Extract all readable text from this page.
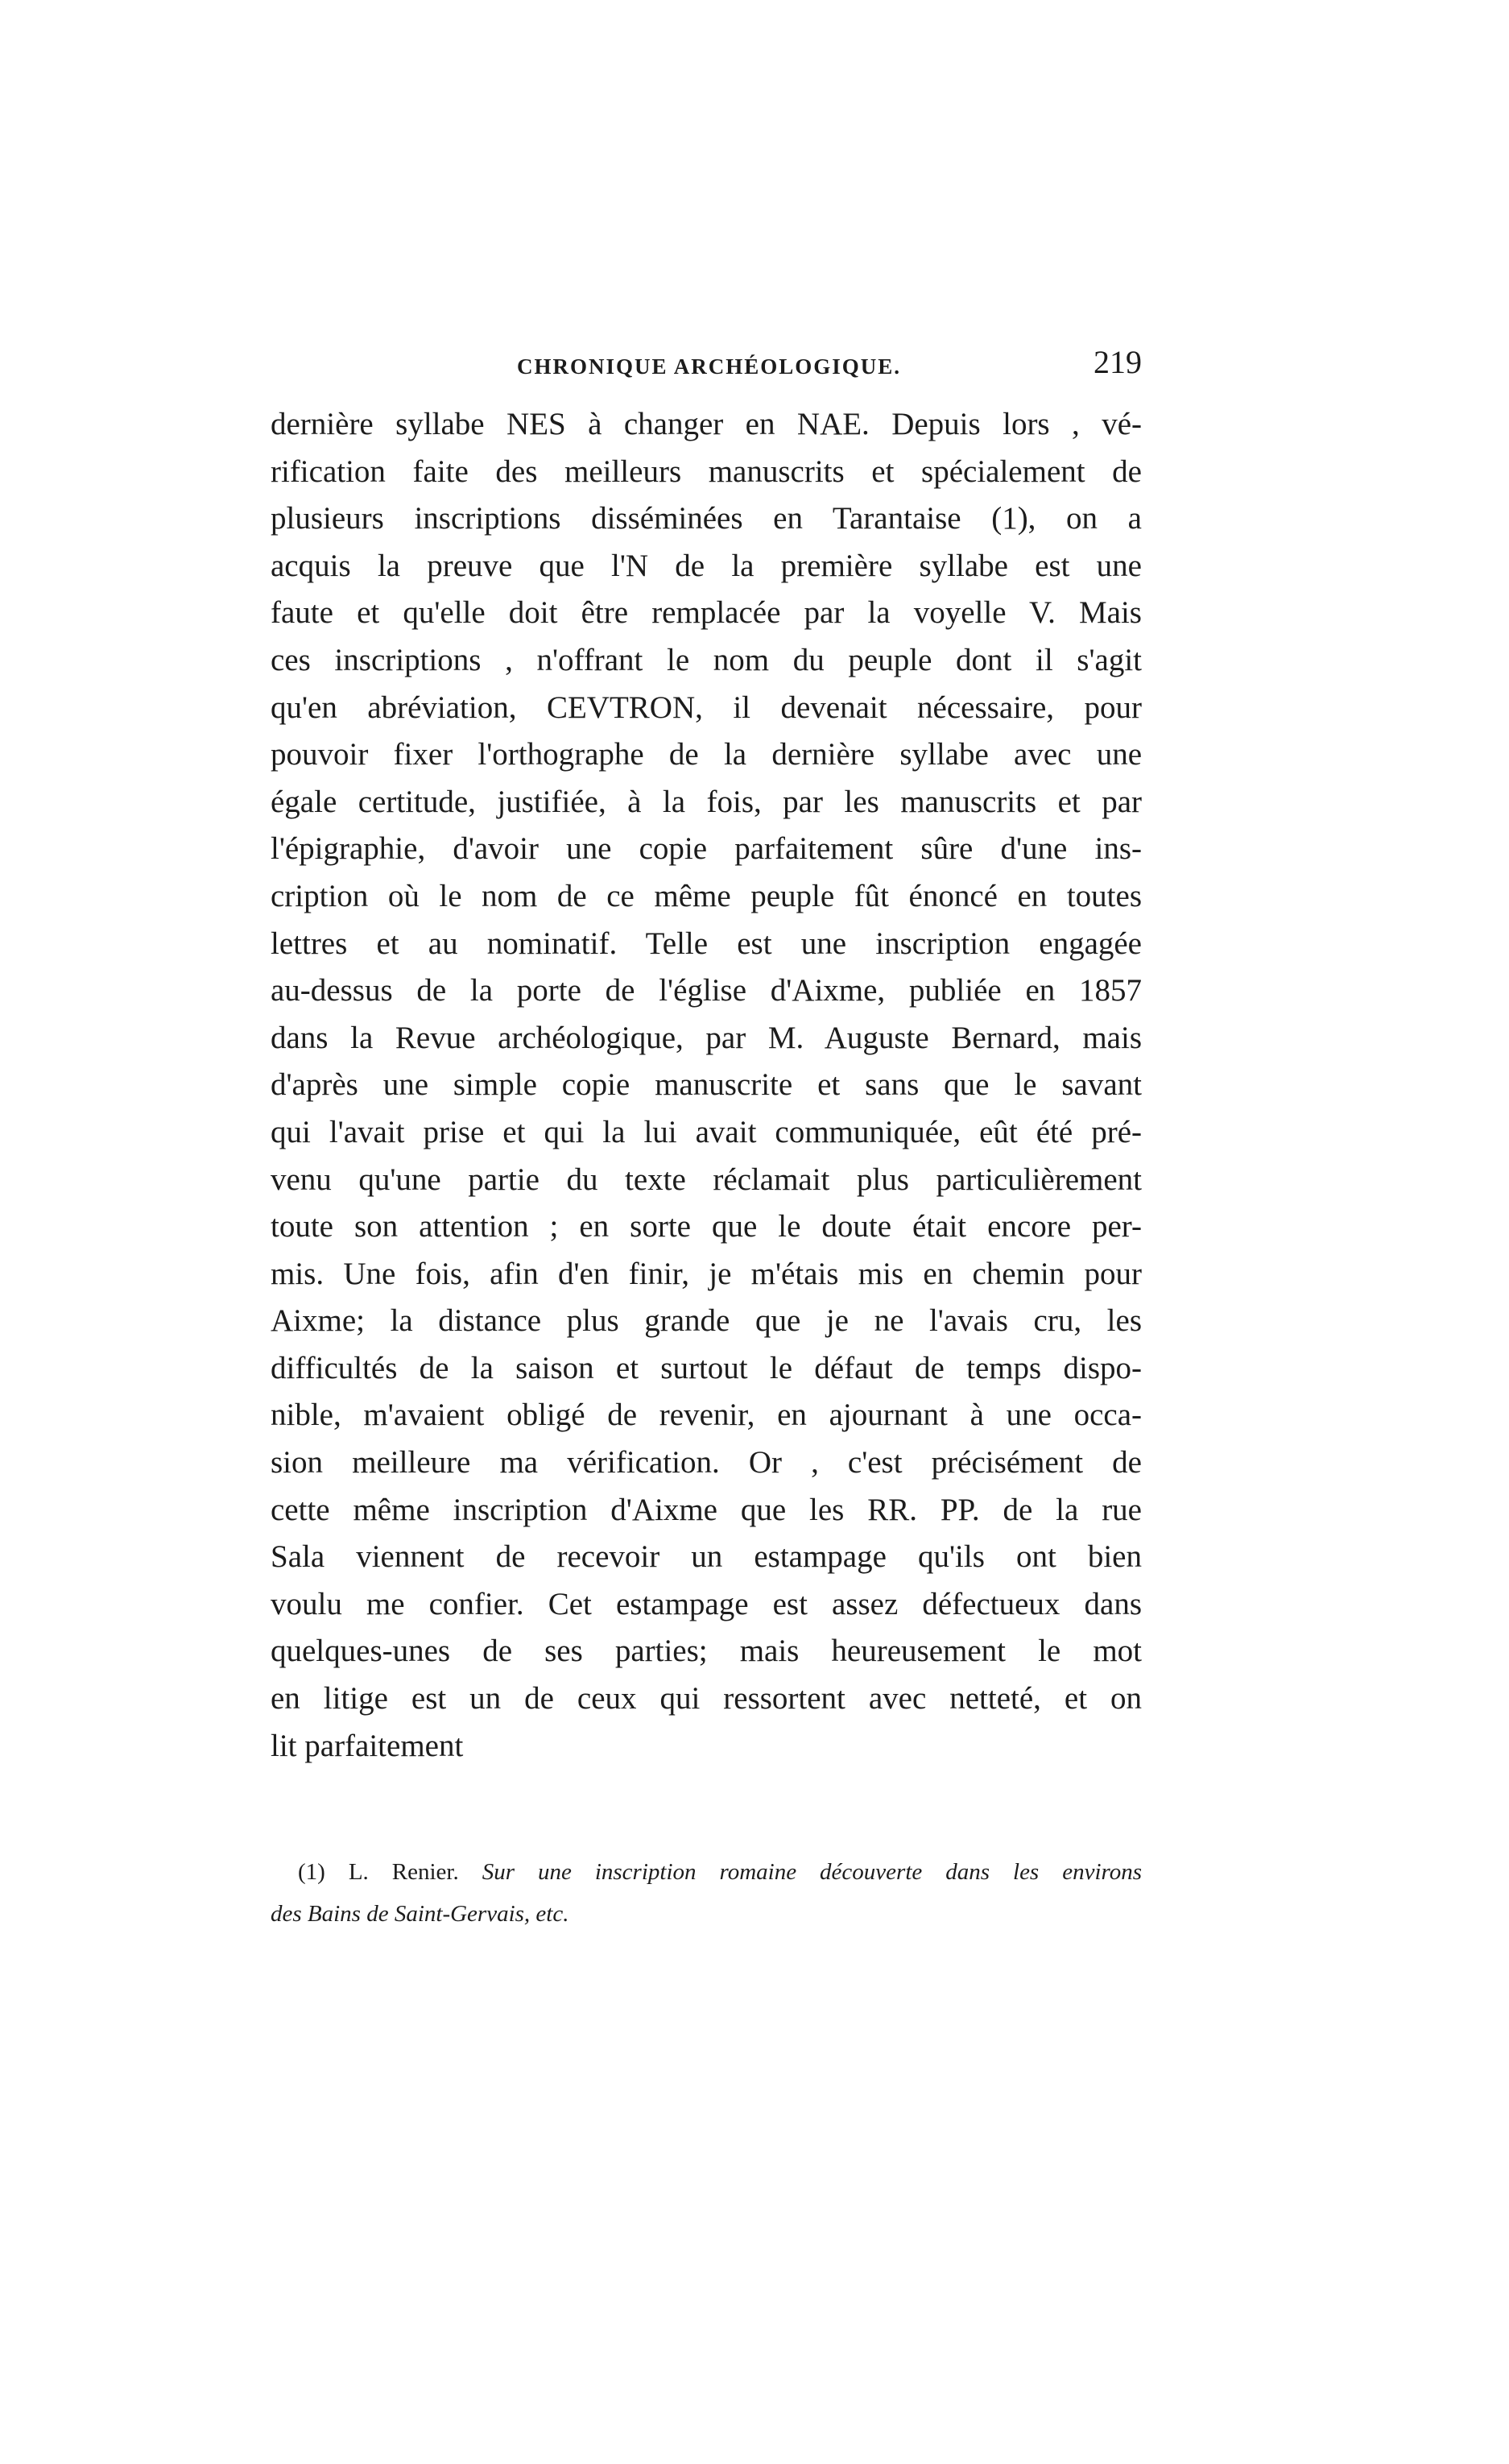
CHRONIQUE ARCHÉOLOGIQUE.	219
dernière syllabe NES à changer en NAE. Depuis lors , vé-
rification faite des meilleurs manuscrits et spécialement de
plusieurs inscriptions disséminées en Tarantaise (1), on a
acquis la preuve que l'N de la première syllabe est une
faute et qu'elle doit être remplacée par la voyelle V. Mais
ces inscriptions , n'offrant le nom du peuple dont il s'agit
qu'en abréviation, CEVTRON, il devenait nécessaire, pour
pouvoir fixer l'orthographe de la dernière syllabe avec une
égale certitude, justifiée, à la fois, par les manuscrits et par
l'épigraphie, d'avoir une copie parfaitement sûre d'une ins-
cription où le nom de ce même peuple fût énoncé en toutes
lettres et au nominatif. Telle est une inscription engagée
au-dessus de la porte de l'église d'Aixme, publiée en 1857
dans la Revue archéologique, par M. Auguste Bernard, mais
d'après une simple copie manuscrite et sans que le savant
qui l'avait prise et qui la lui avait communiquée, eût été pré-
venu qu'une partie du texte réclamait plus particulièrement
toute son attention ; en sorte que le doute était encore per-
mis. Une fois, afin d'en finir, je m'étais mis en chemin pour
Aixme; la distance plus grande que je ne l'avais cru, les
difficultés de la saison et surtout le défaut de temps dispo-
nible, m'avaient obligé de revenir, en ajournant à une occa-
sion meilleure ma vérification. Or , c'est précisément de
cette même inscription d'Aixme que les RR. PP. de la rue
Sala viennent de recevoir un estampage qu'ils ont bien
voulu me confier. Cet estampage est assez défectueux dans
quelques-unes de ses parties; mais heureusement le mot
en litige est un de ceux qui ressortent avec netteté, et on
lit parfaitement
(1) L. Renier. Sur une inscription romaine découverte dans les environs
des Bains de Saint-Gervais, etc.
